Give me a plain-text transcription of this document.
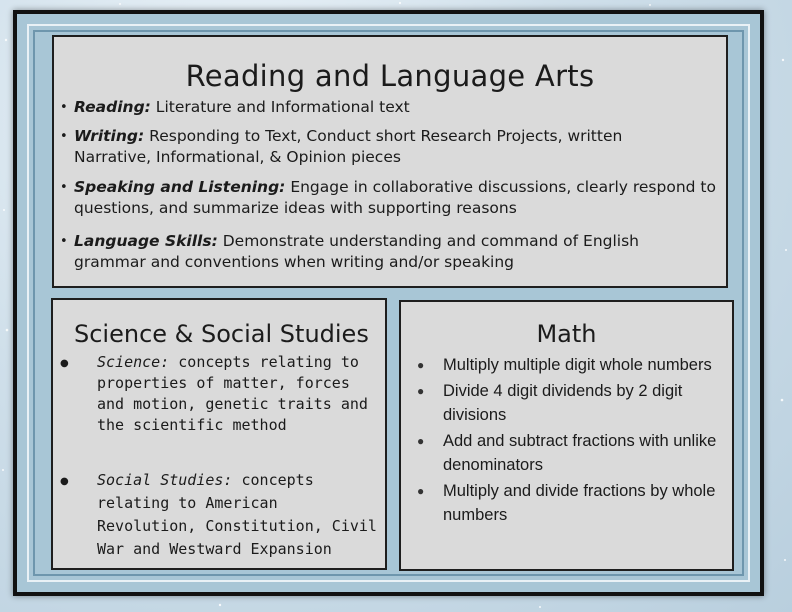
Reading and Language Arts
• Reading: Literature and Informational text
• Writing: Responding to Text, Conduct short Research Projects, written
Narrative, Informational, & Opinion pieces
• Speaking and Listening: Engage in collaborative discussions, clearly respond to
questions, and summarize ideas with supporting reasons
• Language Skills: Demonstrate understanding and command of English
grammar and conventions when writing and/or speaking
Science & Social Studies
● Science: concepts relating to properties of matter, forces and motion, genetic traits and the scientific method
● Social Studies: concepts relating to American Revolution, Constitution, Civil War and Westward Expansion
Math
● Multiply multiple digit whole numbers
● Divide 4 digit dividends by 2 digit divisions
● Add and subtract fractions with unlike denominators
● Multiply and divide fractions by whole numbers
